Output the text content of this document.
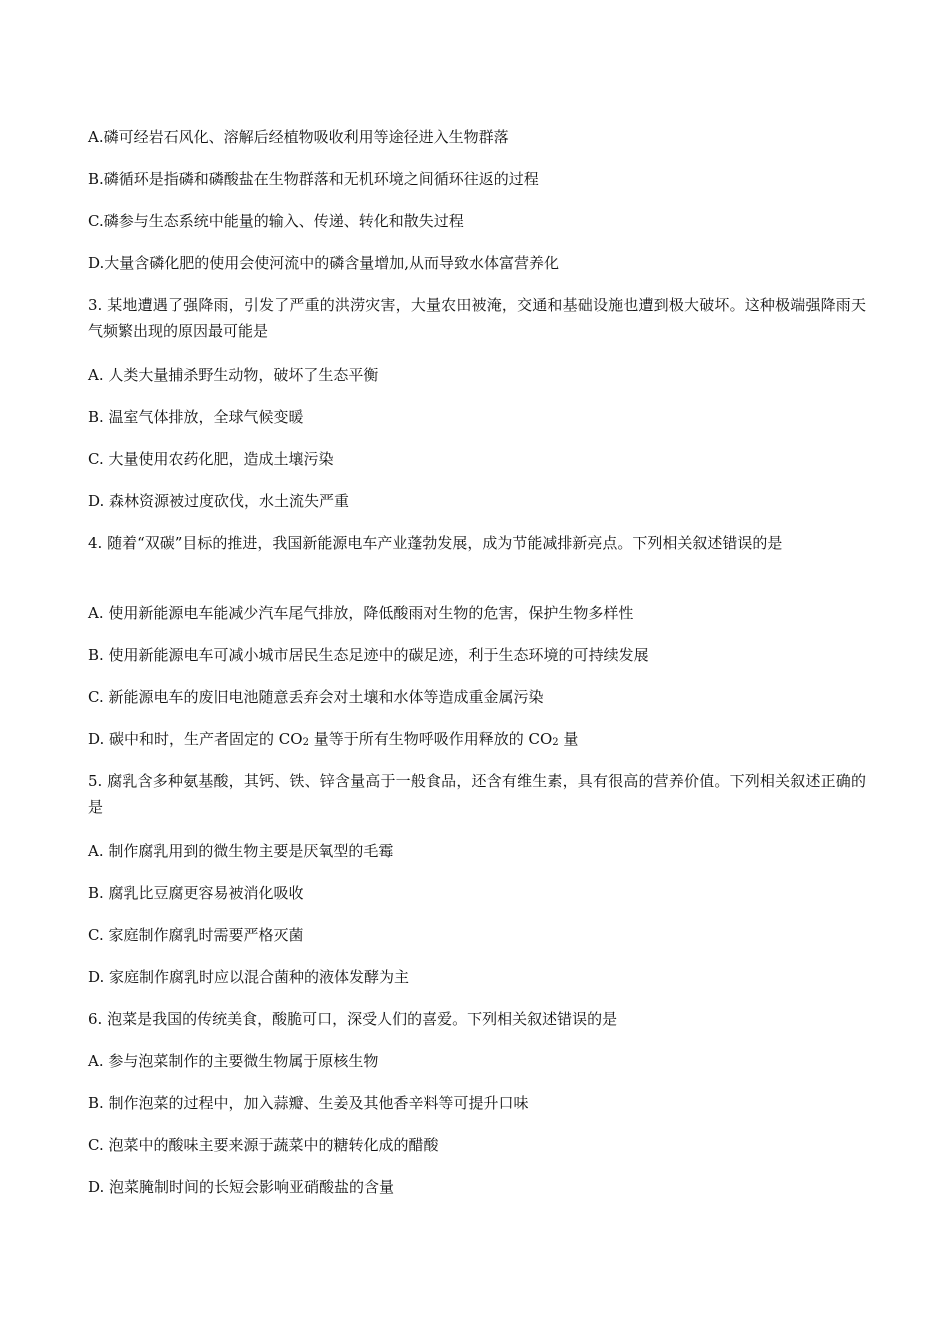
A.磷可经岩石风化、溶解后经植物吸收利用等途径进入生物群落
B.磷循环是指磷和磷酸盐在生物群落和无机环境之间循环往返的过程
C.磷参与生态系统中能量的输入、传递、转化和散失过程
D.大量含磷化肥的使用会使河流中的磷含量增加,从而导致水体富营养化
3. 某地遭遇了强降雨，引发了严重的洪涝灾害，大量农田被淹，交通和基础设施也遭到极大破坏。这种极端强降雨天气频繁出现的原因最可能是
A. 人类大量捕杀野生动物，破坏了生态平衡
B. 温室气体排放，全球气候变暖
C. 大量使用农药化肥，造成土壤污染
D. 森林资源被过度砍伐，水土流失严重
4. 随着“双碳”目标的推进，我国新能源电车产业蓬勃发展，成为节能减排新亮点。下列相关叙述错误的是
A. 使用新能源电车能减少汽车尾气排放，降低酸雨对生物的危害，保护生物多样性
B. 使用新能源电车可减小城市居民生态足迹中的碳足迹，利于生态环境的可持续发展
C. 新能源电车的废旧电池随意丢弃会对土壤和水体等造成重金属污染
D. 碳中和时，生产者固定的 $CO_2$ 量等于所有生物呼吸作用释放的 $CO_2$ 量
5. 腐乳含多种氨基酸，其钙、铁、锌含量高于一般食品，还含有维生素，具有很高的营养价值。下列相关叙述正确的是
A. 制作腐乳用到的微生物主要是厌氧型的毛霉
B. 腐乳比豆腐更容易被消化吸收
C. 家庭制作腐乳时需要严格灭菌
D. 家庭制作腐乳时应以混合菌种的液体发酵为主
6. 泡菜是我国的传统美食，酸脆可口，深受人们的喜爱。下列相关叙述错误的是
A. 参与泡菜制作的主要微生物属于原核生物
B. 制作泡菜的过程中，加入蒜瓣、生姜及其他香辛料等可提升口味
C. 泡菜中的酸味主要来源于蔬菜中的糖转化成的醋酸
D. 泡菜腌制时间的长短会影响亚硝酸盐的含量
